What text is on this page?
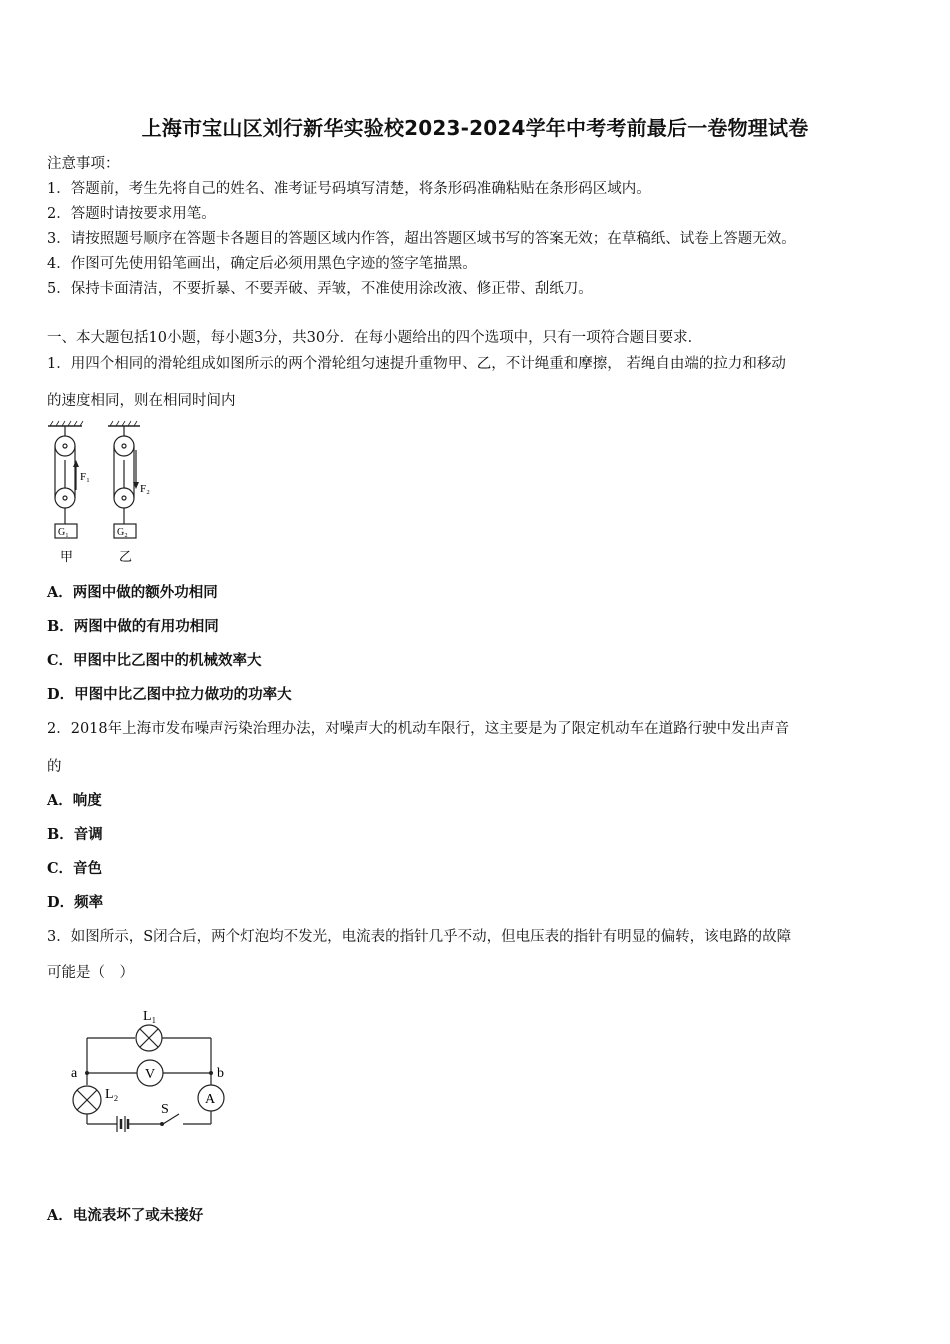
上海市宝山区刘行新华实验校2023-2024学年中考考前最后一卷物理试卷
注意事项：
1．答题前，考生先将自己的姓名、准考证号码填写清楚，将条形码准确粘贴在条形码区域内。
2．答题时请按要求用笔。
3．请按照题号顺序在答题卡各题目的答题区域内作答，超出答题区域书写的答案无效；在草稿纸、试卷上答题无效。
4．作图可先使用铅笔画出，确定后必须用黑色字迹的签字笔描黑。
5．保持卡面清洁，不要折暴、不要弄破、弄皱，不准使用涂改液、修正带、刮纸刀。
一、本大题包括10小题，每小题3分，共30分．在每小题给出的四个选项中，只有一项符合题目要求．
1．用四个相同的滑轮组成如图所示的两个滑轮组匀速提升重物甲、乙，不计绳重和摩擦， 若绳自由端的拉力和移动
的速度相同，则在相同时间内
F₁
F₂
G₁	G₂
甲	乙
A．两图中做的额外功相同
B．两图中做的有用功相同
C．甲图中比乙图中的机械效率大
D．甲图中比乙图中拉力做功的功率大
2．2018年上海市发布噪声污染治理办法，对噪声大的机动车限行，这主要是为了限定机动车在道路行驶中发出声音
的
A．响度
B．音调
C．音色
D．频率
3．如图所示，S闭合后，两个灯泡均不发光，电流表的指针几乎不动，但电压表的指针有明显的偏转，该电路的故障
可能是（　）
L₁
V
A
L₂
S
a	b
A．电流表坏了或未接好
